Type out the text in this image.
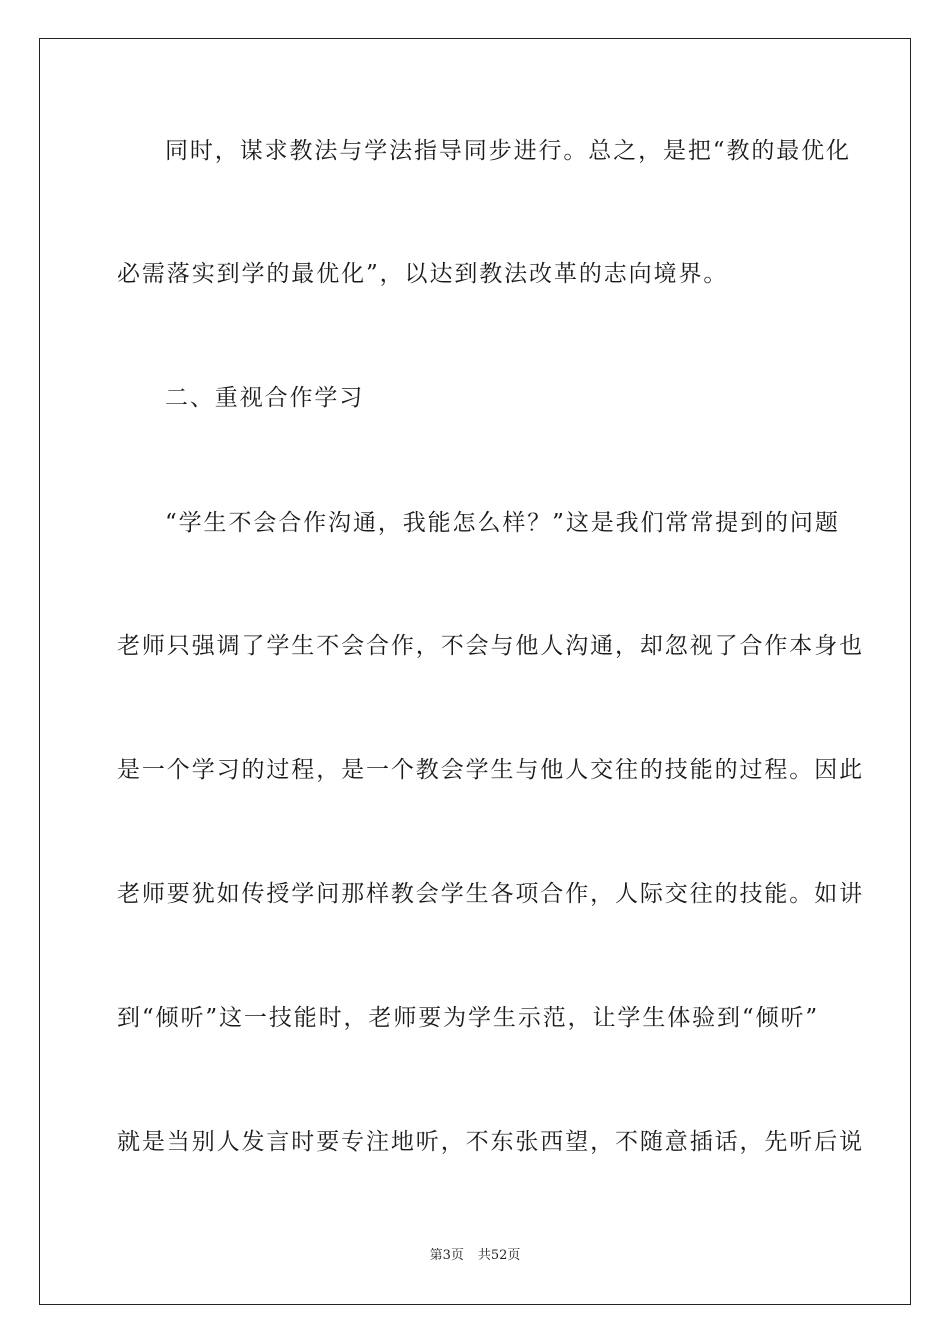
同时，谋求教法与学法指导同步进行。总之，是把“教的最优化
必需落实到学的最优化”，以达到教法改革的志向境界。
二、重视合作学习
“学生不会合作沟通，我能怎么样？”这是我们常常提到的问题
老师只强调了学生不会合作，不会与他人沟通，却忽视了合作本身也
是一个学习的过程，是一个教会学生与他人交往的技能的过程。因此
老师要犹如传授学问那样教会学生各项合作，人际交往的技能。如讲
到“倾听”这一技能时，老师要为学生示范，让学生体验到“倾听”
就是当别人发言时要专注地听，不东张西望，不随意插话，先听后说
第3页 共52页
